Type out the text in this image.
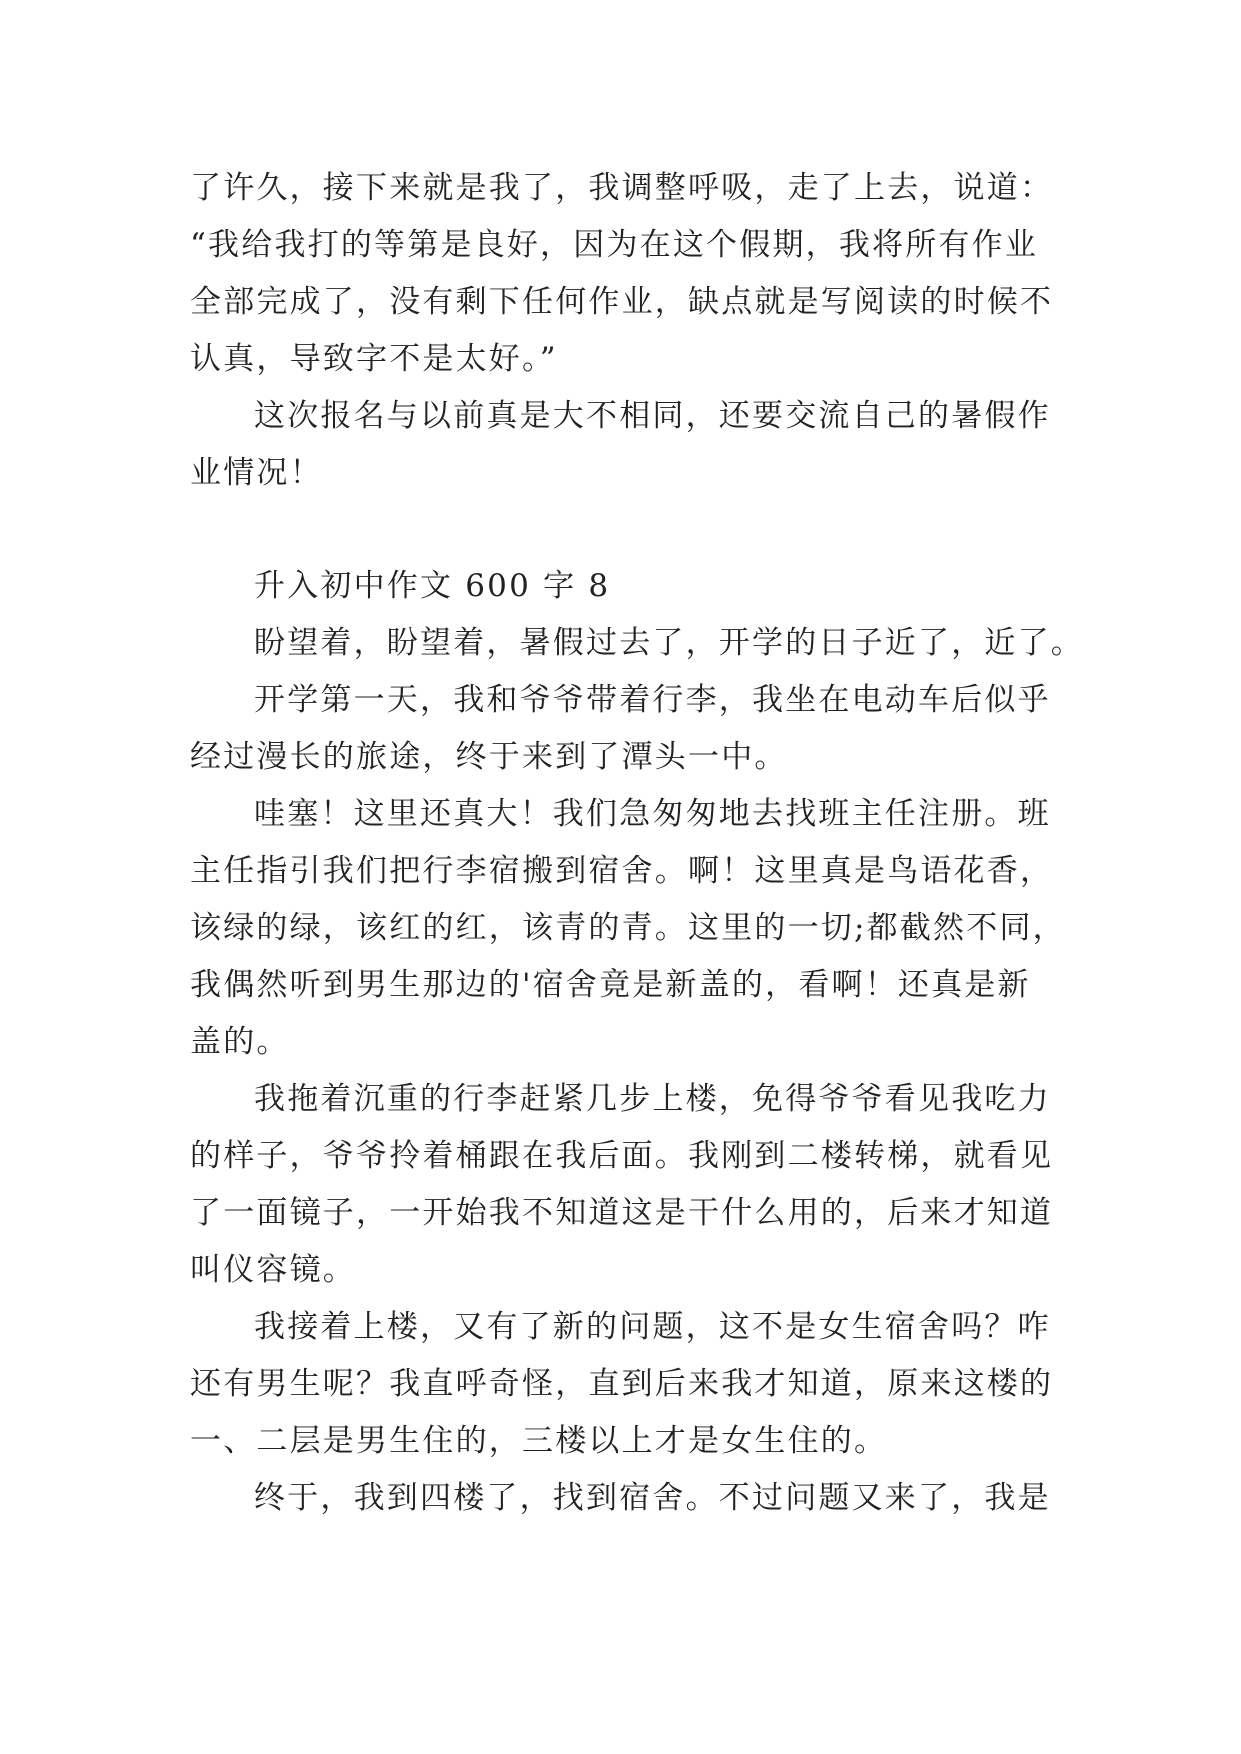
了许久，接下来就是我了，我调整呼吸，走了上去，说道：
“我给我打的等第是良好，因为在这个假期，我将所有作业
全部完成了，没有剩下任何作业，缺点就是写阅读的时候不
认真，导致字不是太好。”
这次报名与以前真是大不相同，还要交流自己的暑假作
业情况！
升入初中作文 600 字 8
盼望着，盼望着，暑假过去了，开学的日子近了，近了。
开学第一天，我和爷爷带着行李，我坐在电动车后似乎
经过漫长的旅途，终于来到了潭头一中。
哇塞！这里还真大！我们急匆匆地去找班主任注册。班
主任指引我们把行李宿搬到宿舍。啊！这里真是鸟语花香，
该绿的绿，该红的红，该青的青。这里的一切;都截然不同，
我偶然听到男生那边的'宿舍竟是新盖的，看啊！还真是新
盖的。
我拖着沉重的行李赶紧几步上楼，免得爷爷看见我吃力
的样子，爷爷拎着桶跟在我后面。我刚到二楼转梯，就看见
了一面镜子，一开始我不知道这是干什么用的，后来才知道
叫仪容镜。
我接着上楼，又有了新的问题，这不是女生宿舍吗？咋
还有男生呢？我直呼奇怪，直到后来我才知道，原来这楼的
一、二层是男生住的，三楼以上才是女生住的。
终于，我到四楼了，找到宿舍。不过问题又来了，我是
